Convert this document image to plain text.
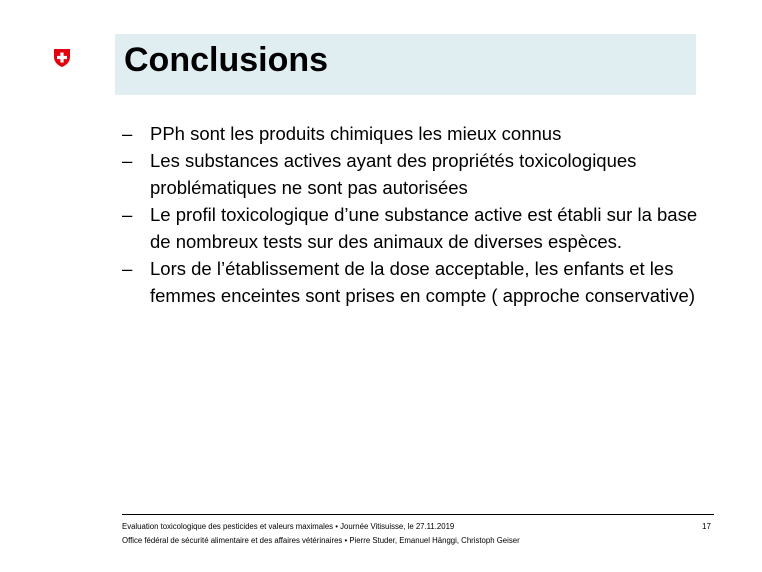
Conclusions
– PPh sont les produits chimiques les mieux connus
– Les substances actives ayant des propriétés toxicologiques problématiques ne sont pas autorisées
– Le profil toxicologique d’une substance active est établi sur la base de nombreux tests sur des animaux de diverses espèces.
– Lors de l’établissement de la dose acceptable, les enfants et les femmes enceintes sont prises en compte ( approche conservative)
Evaluation toxicologique des pesticides et valeurs maximales • Journée Vitisuisse, le 27.11.2019
Office fédéral de sécurité alimentaire et des affaires vétérinaires • Pierre Studer, Emanuel Hänggi, Christoph Geiser
17
